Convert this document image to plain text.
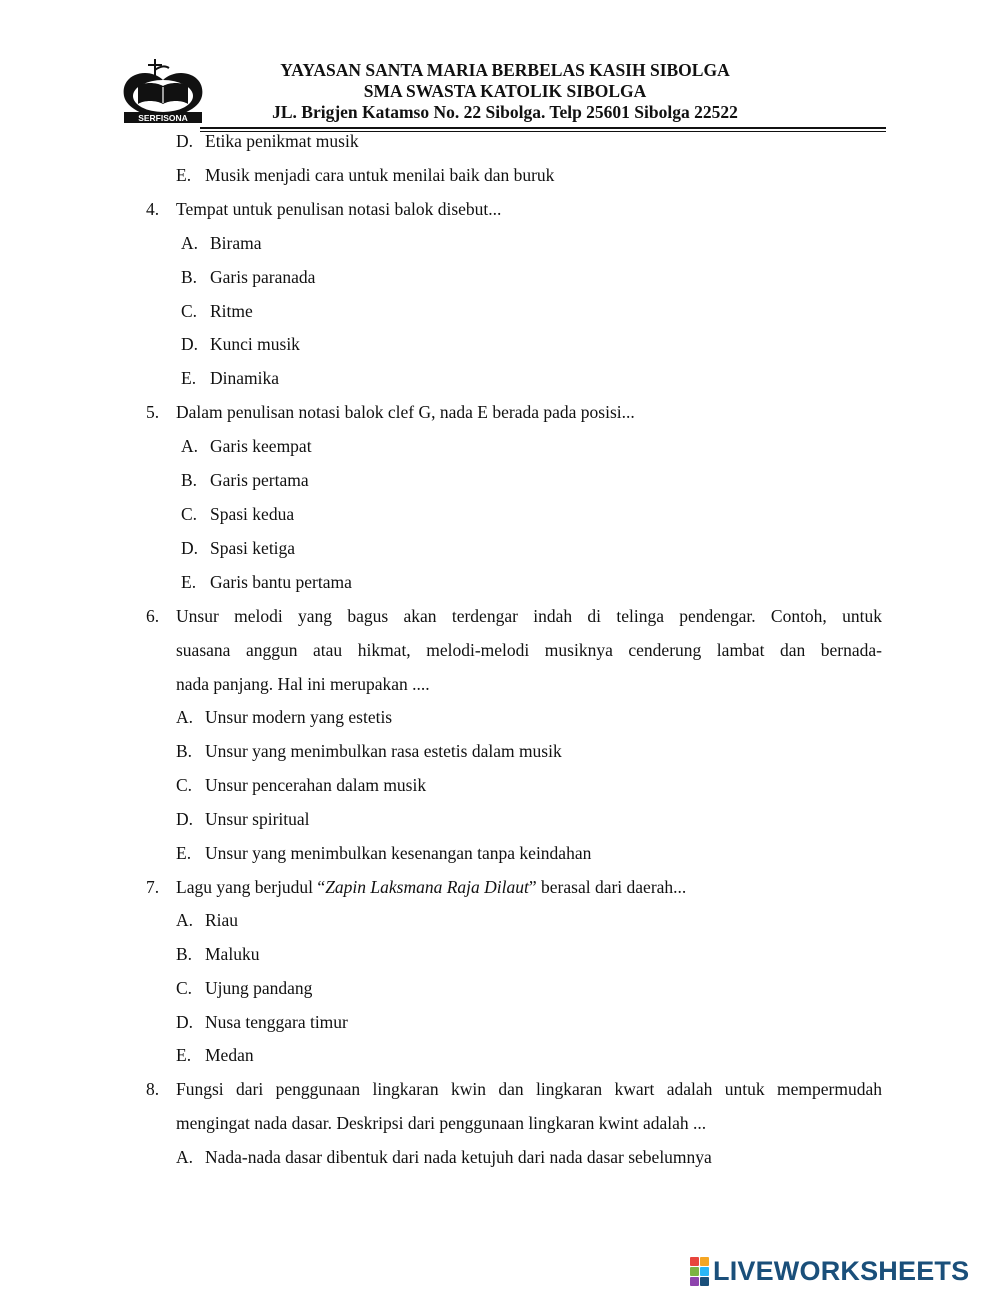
SERFISONA
YAYASAN SANTA MARIA BERBELAS KASIH SIBOLGA
SMA SWASTA KATOLIK SIBOLGA
JL. Brigjen Katamso No. 22 Sibolga. Telp 25601 Sibolga 22522
D. Etika penikmat musik
E. Musik menjadi cara untuk menilai baik dan buruk
4. Tempat untuk penulisan notasi balok disebut...
A. Birama
B. Garis paranada
C. Ritme
D. Kunci musik
E. Dinamika
5. Dalam penulisan notasi balok clef G, nada E berada pada posisi...
A. Garis keempat
B. Garis pertama
C. Spasi kedua
D. Spasi ketiga
E. Garis bantu pertama
6. Unsur melodi yang bagus akan terdengar indah di telinga pendengar. Contoh, untuk
suasana anggun atau hikmat, melodi-melodi musiknya cenderung lambat dan bernada-
nada panjang. Hal ini merupakan ....
A. Unsur modern yang estetis
B. Unsur yang menimbulkan rasa estetis dalam musik
C. Unsur pencerahan dalam musik
D. Unsur spiritual
E. Unsur yang menimbulkan kesenangan tanpa keindahan
7. Lagu yang berjudul “Zapin Laksmana Raja Dilaut” berasal dari daerah...
A. Riau
B. Maluku
C. Ujung pandang
D. Nusa tenggara timur
E. Medan
8. Fungsi dari penggunaan lingkaran kwin dan lingkaran kwart adalah untuk mempermudah
mengingat nada dasar. Deskripsi dari penggunaan lingkaran kwint adalah ...
A. Nada-nada dasar dibentuk dari nada ketujuh dari nada dasar sebelumnya
LIVEWORKSHEETS
